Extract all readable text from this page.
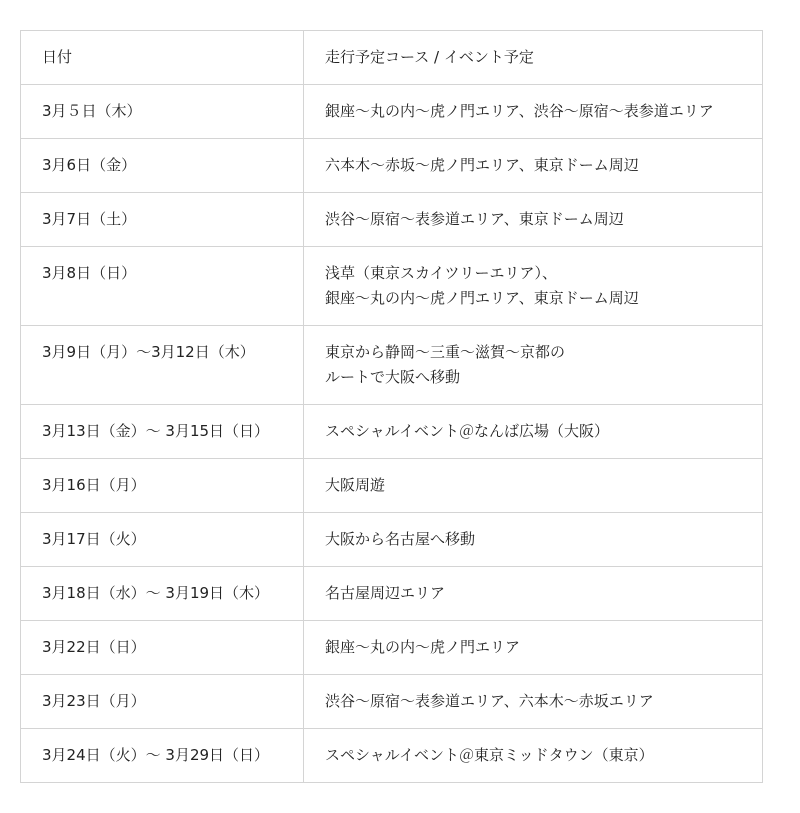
日付	走行予定コース / イベント予定
3月５日（木）	銀座〜丸の内〜虎ノ門エリア、渋谷〜原宿〜表参道エリア

3月6日（金）	六本木〜赤坂〜虎ノ門エリア、東京ドーム周辺

3月7日（土）	渋谷〜原宿〜表参道エリア、東京ドーム周辺

3月8日（日）	浅草（東京スカイツリーエリア）、
銀座〜丸の内〜虎ノ門エリア、東京ドーム周辺

3月9日（月）〜3月12日（木）	東京から静岡〜三重〜滋賀〜京都の
ルートで大阪へ移動

3月13日（金）〜 3月15日（日）	スペシャルイベント＠なんば広場（大阪）

3月16日（月）	大阪周遊

3月17日（火）	大阪から名古屋へ移動

3月18日（水）〜 3月19日（木）	名古屋周辺エリア

3月22日（日）	銀座〜丸の内〜虎ノ門エリア

3月23日（月）	渋谷〜原宿〜表参道エリア、六本木〜赤坂エリア

3月24日（火）〜 3月29日（日）	スペシャルイベント＠東京ミッドタウン（東京）
